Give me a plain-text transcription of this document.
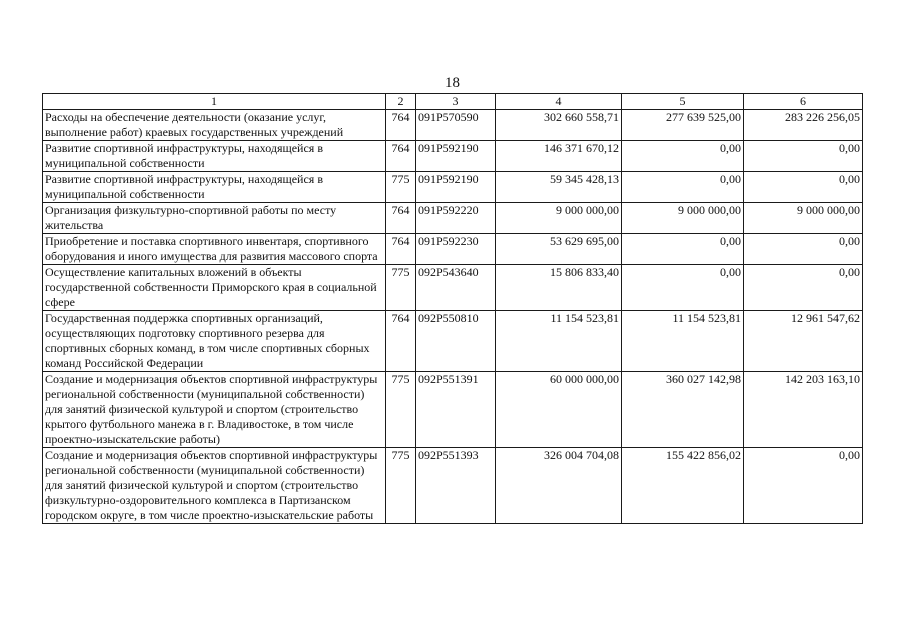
18
1	2	3	4	5	6
Расходы на обеспечение деятельности (оказание услуг, выполнение работ) краевых государственных учреждений	764	091P570590	302 660 558,71	277 639 525,00	283 226 256,05
Развитие спортивной инфраструктуры, находящейся в муниципальной собственности	764	091P592190	146 371 670,12	0,00	0,00
Развитие спортивной инфраструктуры, находящейся в муниципальной собственности	775	091P592190	59 345 428,13	0,00	0,00
Организация физкультурно-спортивной работы по месту жительства	764	091P592220	9 000 000,00	9 000 000,00	9 000 000,00
Приобретение и поставка спортивного инвентаря, спортивного оборудования и иного имущества для развития массового спорта	764	091P592230	53 629 695,00	0,00	0,00
Осуществление капитальных вложений в объекты государственной собственности Приморского края в социальной сфере	775	092P543640	15 806 833,40	0,00	0,00
Государственная поддержка спортивных организаций, осуществляющих подготовку спортивного резерва для спортивных сборных команд, в том числе спортивных сборных команд Российской Федерации	764	092P550810	11 154 523,81	11 154 523,81	12 961 547,62
Создание и модернизация объектов спортивной инфраструктуры региональной собственности (муниципальной собственности) для занятий физической культурой и спортом (строительство крытого футбольного манежа в г. Владивостоке, в том числе проектно-изыскательские работы)	775	092P551391	60 000 000,00	360 027 142,98	142 203 163,10
Создание и модернизация объектов спортивной инфраструктуры региональной собственности (муниципальной собственности) для занятий физической культурой и спортом (строительство физкультурно-оздоровительного комплекса в Партизанском городском округе, в том числе проектно-изыскательские работы	775	092P551393	326 004 704,08	155 422 856,02	0,00
